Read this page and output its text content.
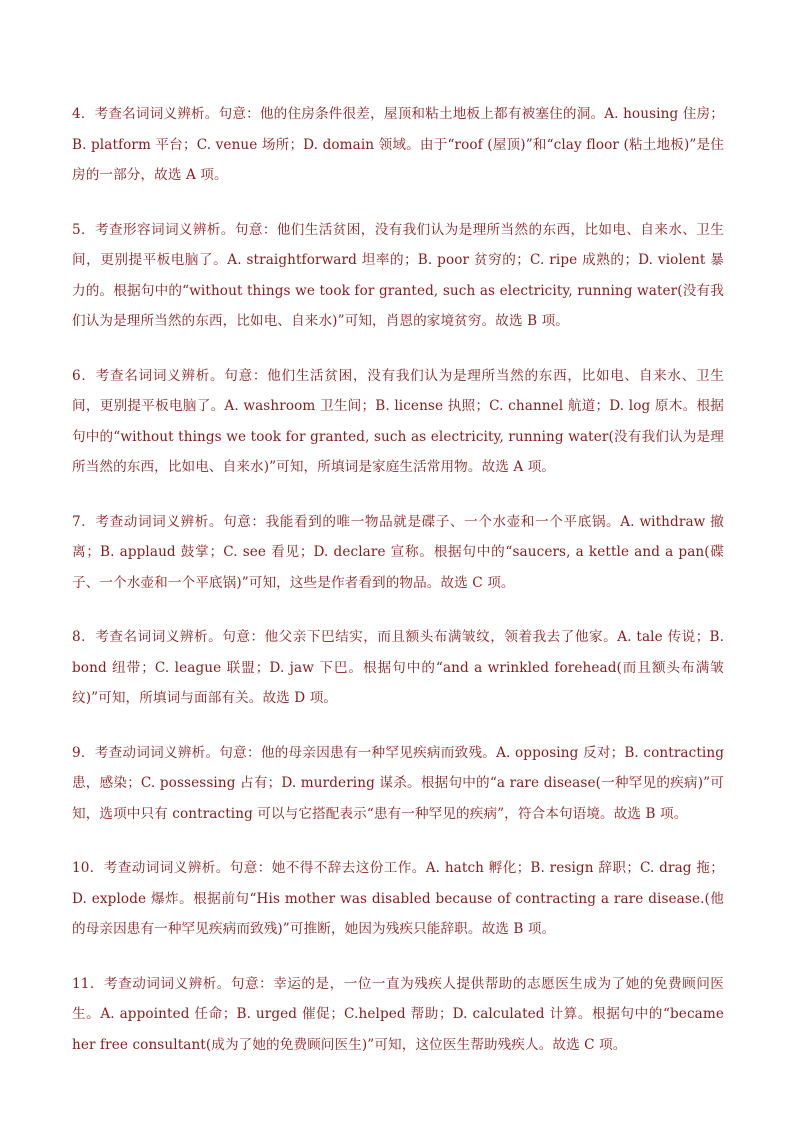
4．考查名词词义辨析。句意：他的住房条件很差，屋顶和粘土地板上都有被塞住的洞。A. housing 住房；B. platform 平台；C. venue 场所；D. domain 领域。由于“roof (屋顶)”和“clay floor (粘土地板)”是住房的一部分，故选 A 项。

5．考查形容词词义辨析。句意：他们生活贫困，没有我们认为是理所当然的东西，比如电、自来水、卫生间，更别提平板电脑了。A. straightforward 坦率的；B. poor 贫穷的；C. ripe 成熟的；D. violent 暴力的。根据句中的“without things we took for granted, such as electricity, running water(没有我们认为是理所当然的东西，比如电、自来水)”可知，肖恩的家境贫穷。故选 B 项。

6．考查名词词义辨析。句意：他们生活贫困，没有我们认为是理所当然的东西，比如电、自来水、卫生间，更别提平板电脑了。A. washroom 卫生间；B. license 执照；C. channel 航道；D. log 原木。根据句中的“without things we took for granted, such as electricity, running water(没有我们认为是理所当然的东西，比如电、自来水)”可知，所填词是家庭生活常用物。故选 A 项。

7．考查动词词义辨析。句意：我能看到的唯一物品就是碟子、一个水壶和一个平底锅。A. withdraw 撤离；B. applaud 鼓掌；C. see 看见；D. declare 宣称。根据句中的“saucers, a kettle and a pan(碟子、一个水壶和一个平底锅)”可知，这些是作者看到的物品。故选 C 项。

8．考查名词词义辨析。句意：他父亲下巴结实，而且额头布满皱纹，领着我去了他家。A. tale 传说；B. bond 纽带；C. league 联盟；D. jaw 下巴。根据句中的“and a wrinkled forehead(而且额头布满皱纹)”可知，所填词与面部有关。故选 D 项。

9．考查动词词义辨析。句意：他的母亲因患有一种罕见疾病而致残。A. opposing 反对；B. contracting 患，感染；C. possessing 占有；D. murdering 谋杀。根据句中的“a rare disease(一种罕见的疾病)”可知，选项中只有 contracting 可以与它搭配表示“患有一种罕见的疾病”，符合本句语境。故选 B 项。

10．考查动词词义辨析。句意：她不得不辞去这份工作。A. hatch 孵化；B. resign 辞职；C. drag 拖；D. explode 爆炸。根据前句“His mother was disabled because of contracting a rare disease.(他的母亲因患有一种罕见疾病而致残)”可推断，她因为残疾只能辞职。故选 B 项。

11．考查动词词义辨析。句意：幸运的是，一位一直为残疾人提供帮助的志愿医生成为了她的免费顾问医生。A. appointed 任命；B. urged 催促；C.helped 帮助；D. calculated 计算。根据句中的“became her free consultant(成为了她的免费顾问医生)”可知，这位医生帮助残疾人。故选 C 项。
